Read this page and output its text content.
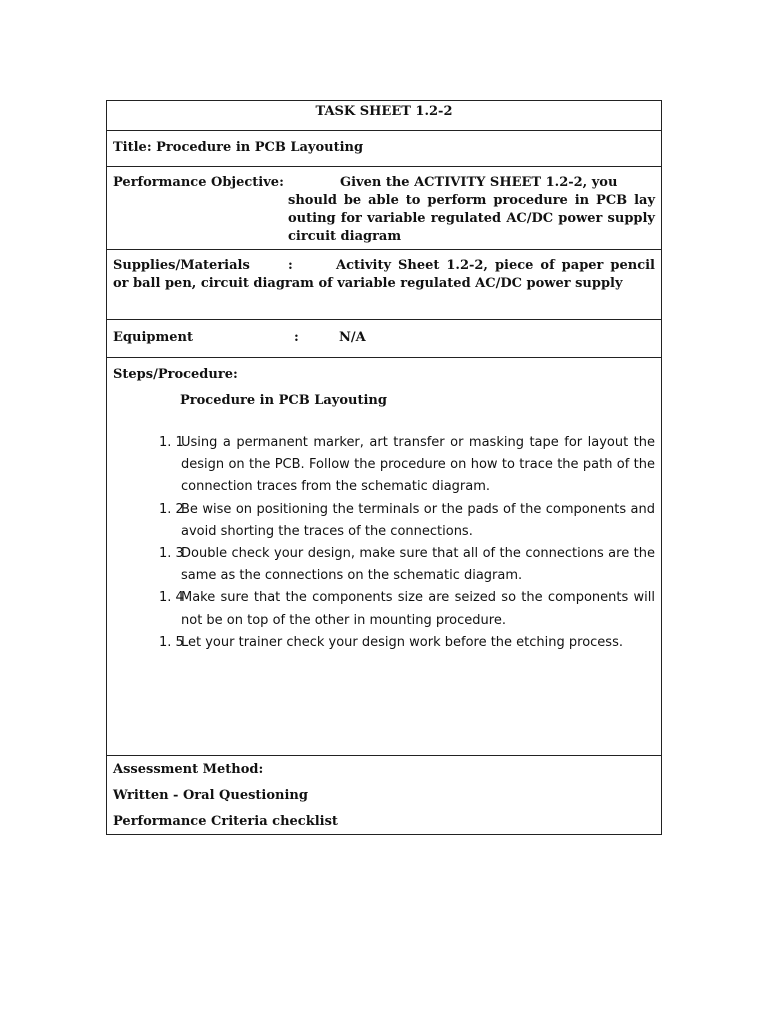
TASK SHEET 1.2-2
Title: Procedure in PCB Layouting
Performance Objective:	Given the ACTIVITY SHEET 1.2-2, you
should be able to perform procedure in PCB lay outing for variable regulated AC/DC power supply circuit diagram
Supplies/Materials	:	Activity Sheet 1.2-2, piece of paper pencil or ball pen, circuit diagram of variable regulated AC/DC power supply
Equipment	:	N/A
Steps/Procedure:
Procedure in PCB Layouting
1. 1
Using a permanent marker, art transfer or masking tape for layout the design on the PCB. Follow the procedure on how to trace the path of the connection traces from the schematic diagram.
1. 2
Be wise on positioning the terminals or the pads of the components and avoid shorting the traces of the connections.
1. 3
Double check your design, make sure that all of the connections are the same as the connections on the schematic diagram.
1. 4
Make sure that the components size are seized so the components will not be on top of the other in mounting procedure.
1. 5
Let your trainer check your design work before the etching process.
Assessment Method:
Written - Oral Questioning
Performance Criteria checklist
